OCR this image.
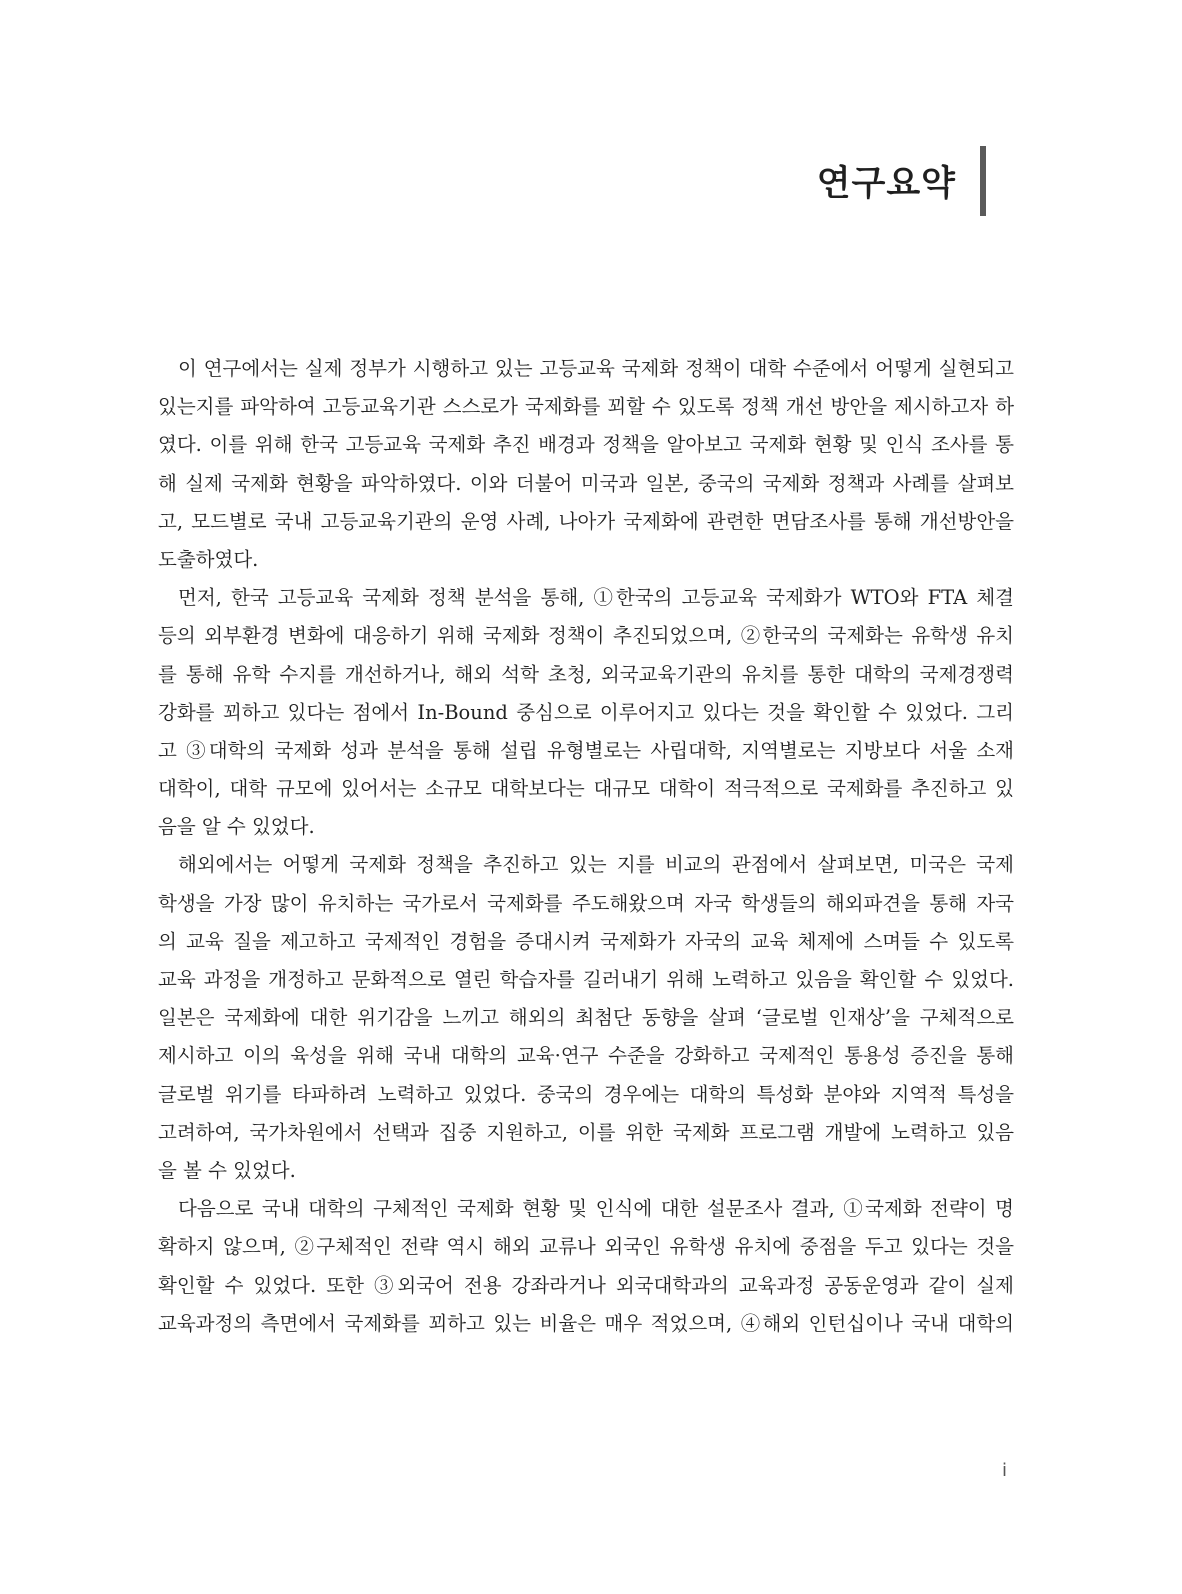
연구요약
이 연구에서는 실제 정부가 시행하고 있는 고등교육 국제화 정책이 대학 수준에서 어떻게 실현되고
있는지를 파악하여 고등교육기관 스스로가 국제화를 꾀할 수 있도록 정책 개선 방안을 제시하고자 하
였다. 이를 위해 한국 고등교육 국제화 추진 배경과 정책을 알아보고 국제화 현황 및 인식 조사를 통
해 실제 국제화 현황을 파악하였다. 이와 더불어 미국과 일본, 중국의 국제화 정책과 사례를 살펴보
고, 모드별로 국내 고등교육기관의 운영 사례, 나아가 국제화에 관련한 면담조사를 통해 개선방안을
도출하였다.
먼저, 한국 고등교육 국제화 정책 분석을 통해, ①한국의 고등교육 국제화가 WTO와 FTA 체결
등의 외부환경 변화에 대응하기 위해 국제화 정책이 추진되었으며, ②한국의 국제화는 유학생 유치
를 통해 유학 수지를 개선하거나, 해외 석학 초청, 외국교육기관의 유치를 통한 대학의 국제경쟁력
강화를 꾀하고 있다는 점에서 In-Bound 중심으로 이루어지고 있다는 것을 확인할 수 있었다. 그리
고 ③대학의 국제화 성과 분석을 통해 설립 유형별로는 사립대학, 지역별로는 지방보다 서울 소재
대학이, 대학 규모에 있어서는 소규모 대학보다는 대규모 대학이 적극적으로 국제화를 추진하고 있
음을 알 수 있었다.
해외에서는 어떻게 국제화 정책을 추진하고 있는 지를 비교의 관점에서 살펴보면, 미국은 국제
학생을 가장 많이 유치하는 국가로서 국제화를 주도해왔으며 자국 학생들의 해외파견을 통해 자국
의 교육 질을 제고하고 국제적인 경험을 증대시켜 국제화가 자국의 교육 체제에 스며들 수 있도록
교육 과정을 개정하고 문화적으로 열린 학습자를 길러내기 위해 노력하고 있음을 확인할 수 있었다.
일본은 국제화에 대한 위기감을 느끼고 해외의 최첨단 동향을 살펴 ‘글로벌 인재상’을 구체적으로
제시하고 이의 육성을 위해 국내 대학의 교육·연구 수준을 강화하고 국제적인 통용성 증진을 통해
글로벌 위기를 타파하려 노력하고 있었다. 중국의 경우에는 대학의 특성화 분야와 지역적 특성을
고려하여, 국가차원에서 선택과 집중 지원하고, 이를 위한 국제화 프로그램 개발에 노력하고 있음
을 볼 수 있었다.
다음으로 국내 대학의 구체적인 국제화 현황 및 인식에 대한 설문조사 결과, ①국제화 전략이 명
확하지 않으며, ②구체적인 전략 역시 해외 교류나 외국인 유학생 유치에 중점을 두고 있다는 것을
확인할 수 있었다. 또한 ③외국어 전용 강좌라거나 외국대학과의 교육과정 공동운영과 같이 실제
교육과정의 측면에서 국제화를 꾀하고 있는 비율은 매우 적었으며, ④해외 인턴십이나 국내 대학의
i
